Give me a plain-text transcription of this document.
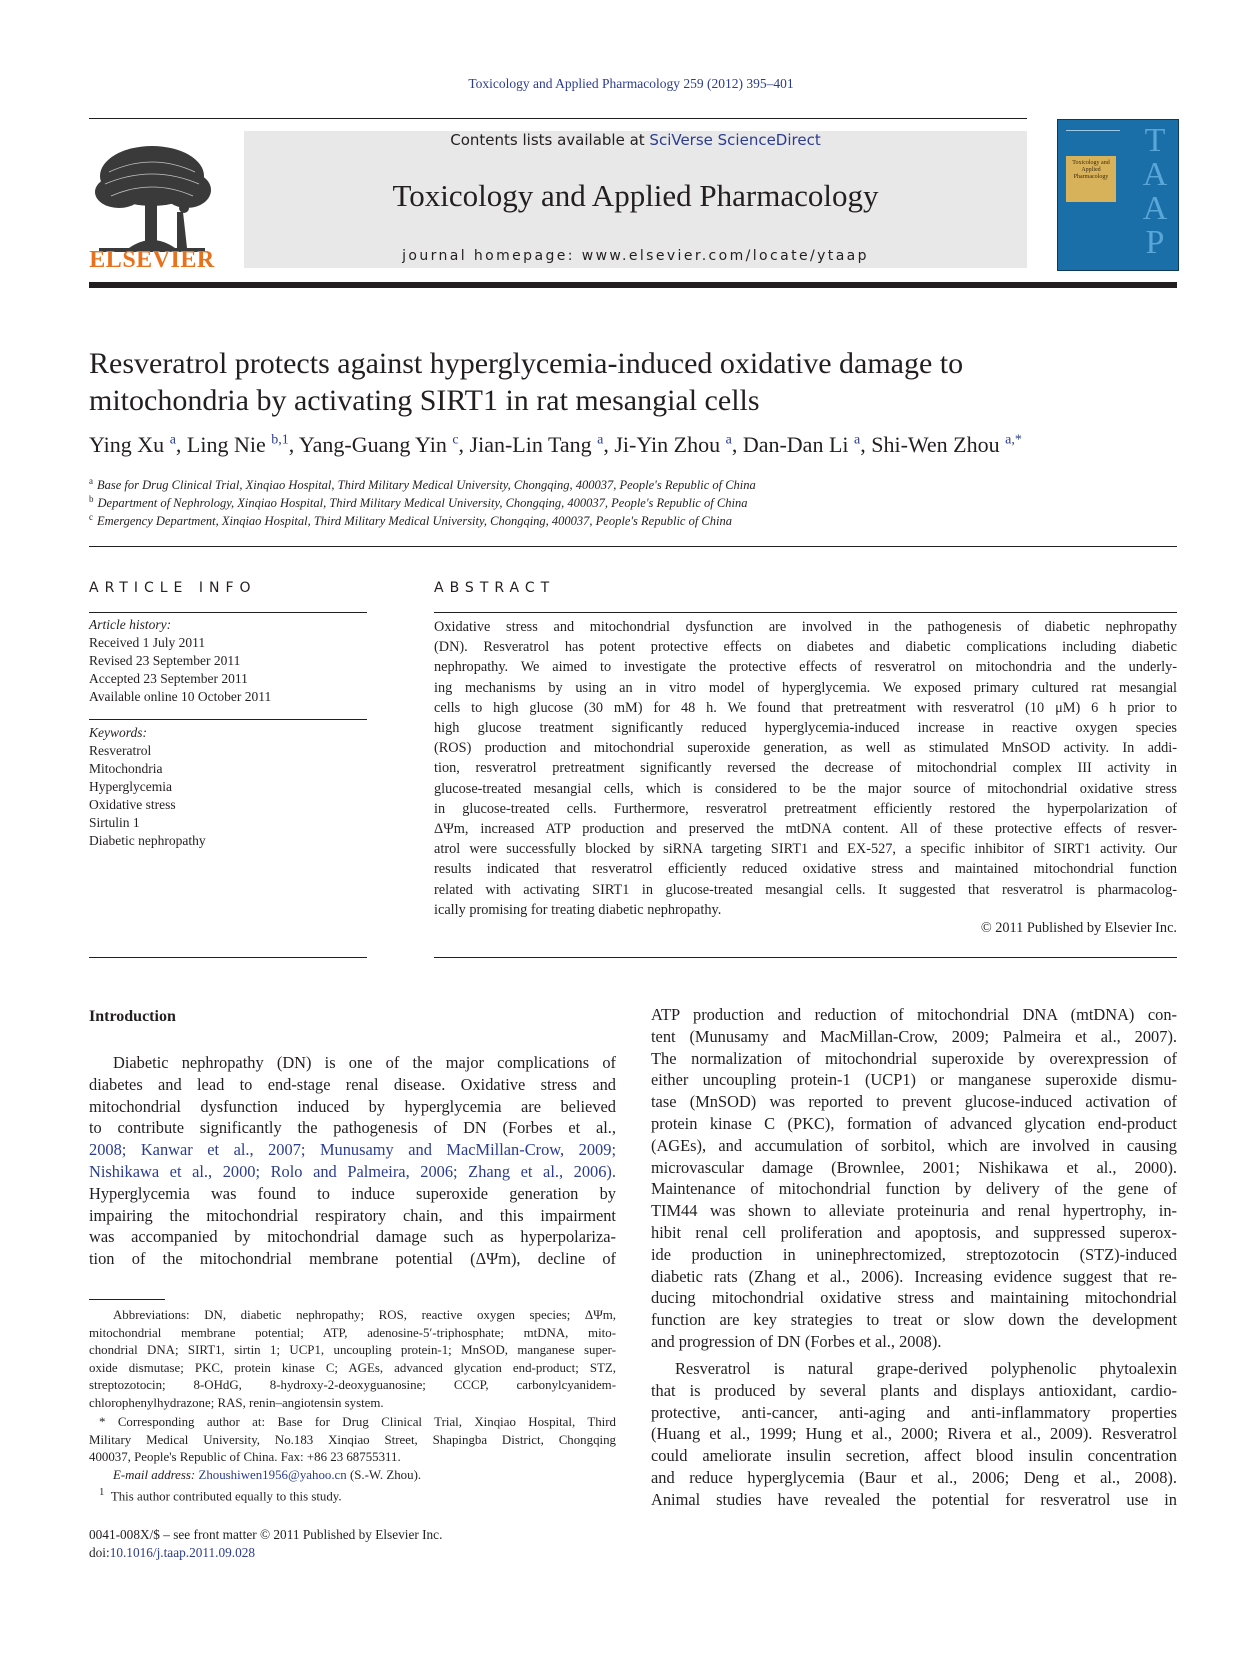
Toxicology and Applied Pharmacology 259 (2012) 395–401
ELSEVIER
Contents lists available at SciVerse ScienceDirect
Toxicology and Applied Pharmacology
journal homepage: www.elsevier.com/locate/ytaap
Toxicology and Applied Pharmacology
TAAP
Resveratrol protects against hyperglycemia-induced oxidative damage to
mitochondria by activating SIRT1 in rat mesangial cells
Ying Xu $^a$, Ling Nie $^{b,1}$, Yang-Guang Yin $^c$, Jian-Lin Tang $^a$, Ji-Yin Zhou $^a$, Dan-Dan Li $^a$, Shi-Wen Zhou $^{a,*}$
$^a$ Base for Drug Clinical Trial, Xinqiao Hospital, Third Military Medical University, Chongqing, 400037, People's Republic of China
$^b$ Department of Nephrology, Xinqiao Hospital, Third Military Medical University, Chongqing, 400037, People's Republic of China
$^c$ Emergency Department, Xinqiao Hospital, Third Military Medical University, Chongqing, 400037, People's Republic of China
ARTICLE INFO
Article history:
Received 1 July 2011
Revised 23 September 2011
Accepted 23 September 2011
Available online 10 October 2011
Keywords:
Resveratrol
Mitochondria
Hyperglycemia
Oxidative stress
Sirtulin 1
Diabetic nephropathy
ABSTRACT
Oxidative stress and mitochondrial dysfunction are involved in the pathogenesis of diabetic nephropathy
(DN). Resveratrol has potent protective effects on diabetes and diabetic complications including diabetic
nephropathy. We aimed to investigate the protective effects of resveratrol on mitochondria and the underly-
ing mechanisms by using an in vitro model of hyperglycemia. We exposed primary cultured rat mesangial
cells to high glucose (30 mM) for 48 h. We found that pretreatment with resveratrol (10 μM) 6 h prior to
high glucose treatment significantly reduced hyperglycemia-induced increase in reactive oxygen species
(ROS) production and mitochondrial superoxide generation, as well as stimulated MnSOD activity. In addi-
tion, resveratrol pretreatment significantly reversed the decrease of mitochondrial complex III activity in
glucose-treated mesangial cells, which is considered to be the major source of mitochondrial oxidative stress
in glucose-treated cells. Furthermore, resveratrol pretreatment efficiently restored the hyperpolarization of
ΔΨm, increased ATP production and preserved the mtDNA content. All of these protective effects of resver-
atrol were successfully blocked by siRNA targeting SIRT1 and EX-527, a specific inhibitor of SIRT1 activity. Our
results indicated that resveratrol efficiently reduced oxidative stress and maintained mitochondrial function
related with activating SIRT1 in glucose-treated mesangial cells. It suggested that resveratrol is pharmacolog-
ically promising for treating diabetic nephropathy.
© 2011 Published by Elsevier Inc.
Introduction
Diabetic nephropathy (DN) is one of the major complications of
diabetes and lead to end-stage renal disease. Oxidative stress and
mitochondrial dysfunction induced by hyperglycemia are believed
to contribute significantly the pathogenesis of DN (Forbes et al.,
2008; Kanwar et al., 2007; Munusamy and MacMillan-Crow, 2009;
Nishikawa et al., 2000; Rolo and Palmeira, 2006; Zhang et al., 2006).
Hyperglycemia was found to induce superoxide generation by
impairing the mitochondrial respiratory chain, and this impairment
was accompanied by mitochondrial damage such as hyperpolariza-
tion of the mitochondrial membrane potential (ΔΨm), decline of
Abbreviations: DN, diabetic nephropathy; ROS, reactive oxygen species; ΔΨm,
mitochondrial membrane potential; ATP, adenosine-5′-triphosphate; mtDNA, mito-
chondrial DNA; SIRT1, sirtin 1; UCP1, uncoupling protein-1; MnSOD, manganese super-
oxide dismutase; PKC, protein kinase C; AGEs, advanced glycation end-product; STZ,
streptozotocin; 8-OHdG, 8-hydroxy-2-deoxyguanosine; CCCP, carbonylcyanidem-
chlorophenylhydrazone; RAS, renin–angiotensin system.
* Corresponding author at: Base for Drug Clinical Trial, Xinqiao Hospital, Third
Military Medical University, No.183 Xinqiao Street, Shapingba District, Chongqing
400037, People's Republic of China. Fax: +86 23 68755311.
E-mail address: Zhoushiwen1956@yahoo.cn (S.-W. Zhou).
$^1$ This author contributed equally to this study.
0041-008X/$ – see front matter © 2011 Published by Elsevier Inc.
doi:10.1016/j.taap.2011.09.028
ATP production and reduction of mitochondrial DNA (mtDNA) con-
tent (Munusamy and MacMillan-Crow, 2009; Palmeira et al., 2007).
The normalization of mitochondrial superoxide by overexpression of
either uncoupling protein-1 (UCP1) or manganese superoxide dismu-
tase (MnSOD) was reported to prevent glucose-induced activation of
protein kinase C (PKC), formation of advanced glycation end-product
(AGEs), and accumulation of sorbitol, which are involved in causing
microvascular damage (Brownlee, 2001; Nishikawa et al., 2000).
Maintenance of mitochondrial function by delivery of the gene of
TIM44 was shown to alleviate proteinuria and renal hypertrophy, in-
hibit renal cell proliferation and apoptosis, and suppressed superox-
ide production in uninephrectomized, streptozotocin (STZ)-induced
diabetic rats (Zhang et al., 2006). Increasing evidence suggest that re-
ducing mitochondrial oxidative stress and maintaining mitochondrial
function are key strategies to treat or slow down the development
and progression of DN (Forbes et al., 2008).
Resveratrol is natural grape-derived polyphenolic phytoalexin
that is produced by several plants and displays antioxidant, cardio-
protective, anti-cancer, anti-aging and anti-inflammatory properties
(Huang et al., 1999; Hung et al., 2000; Rivera et al., 2009). Resveratrol
could ameliorate insulin secretion, affect blood insulin concentration
and reduce hyperglycemia (Baur et al., 2006; Deng et al., 2008).
Animal studies have revealed the potential for resveratrol use in
